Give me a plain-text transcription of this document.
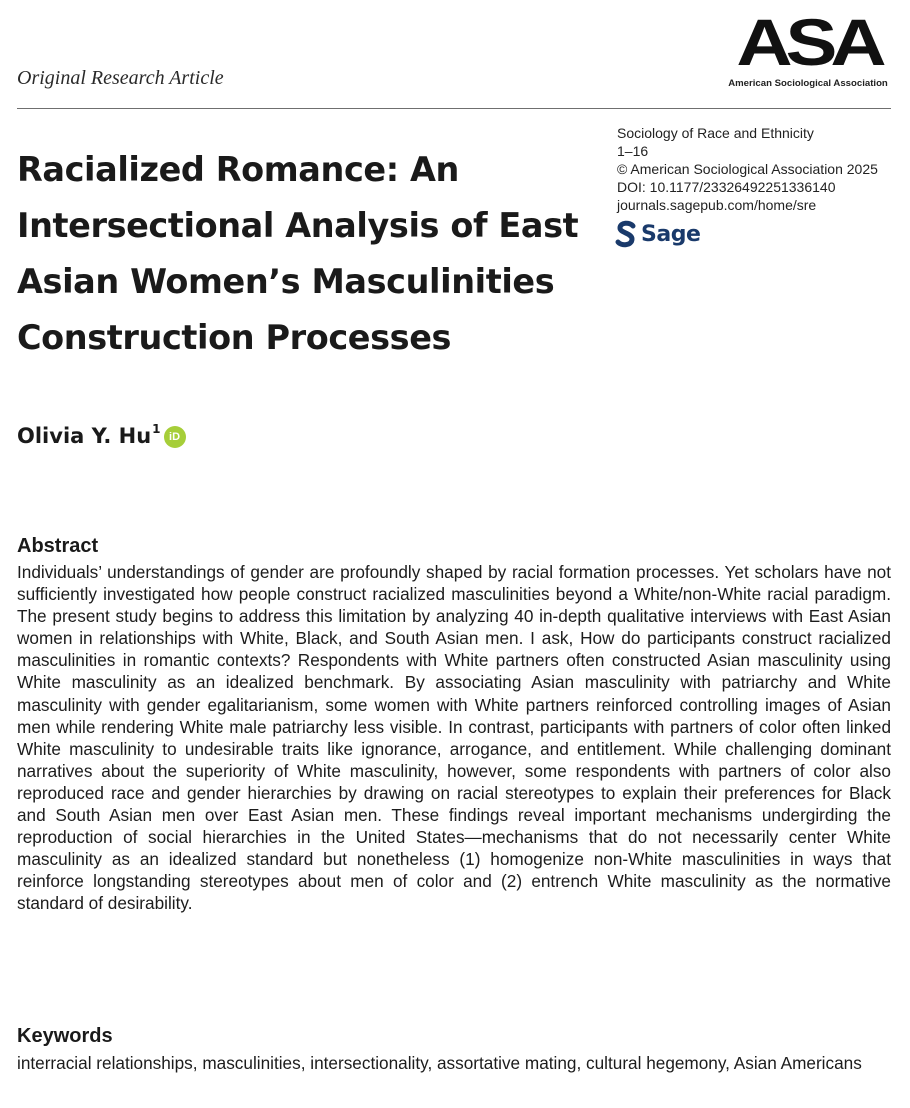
Original Research Article	ASA
American Sociological Association
Racialized Romance: An Intersectional Analysis of East Asian Women’s Masculinities Construction Processes
Sociology of Race and Ethnicity
1–16
© American Sociological Association 2025
DOI: 10.1177/23326492251336140
journals.sagepub.com/home/sre
Sage
Olivia Y. Hu$^1$
iD
Abstract

Individuals’ understandings of gender are profoundly shaped by racial formation processes. Yet scholars have not sufficiently investigated how people construct racialized masculinities beyond a White/non-White racial paradigm. The present study begins to address this limitation by analyzing 40 in-depth qualitative interviews with East Asian women in relationships with White, Black, and South Asian men. I ask, How do participants construct racialized masculinities in romantic contexts? Respondents with White partners often constructed Asian masculinity using White masculinity as an idealized benchmark. By associating Asian masculinity with patriarchy and White masculinity with gender egalitarianism, some women with White partners reinforced controlling images of Asian men while rendering White male patriarchy less visible. In contrast, participants with partners of color often linked White masculinity to undesirable traits like ignorance, arrogance, and entitlement. While challenging dominant narratives about the superiority of White masculinity, however, some respondents with partners of color also reproduced race and gender hierarchies by drawing on racial stereotypes to explain their preferences for Black and South Asian men over East Asian men. These findings reveal important mechanisms undergirding the reproduction of social hierarchies in the United States—mechanisms that do not necessarily center White masculinity as an idealized standard but nonetheless (1) homogenize non-White masculinities in ways that reinforce longstanding stereotypes about men of color and (2) entrench White masculinity as the normative standard of desirability.

Keywords

interracial relationships, masculinities, intersectionality, assortative mating, cultural hegemony, Asian Americans
